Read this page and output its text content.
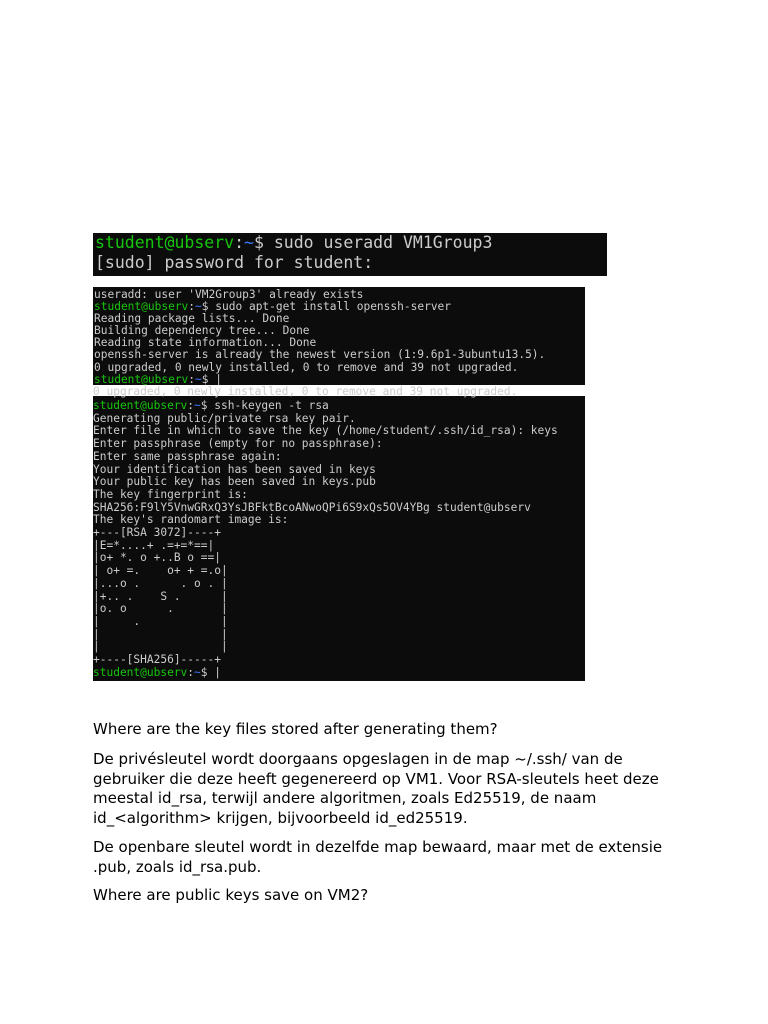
student@ubserv:~$ sudo useradd VM1Group3
[sudo] password for student:
useradd: user 'VM2Group3' already exists
student@ubserv:~$ sudo apt-get install openssh-server
Reading package lists... Done
Building dependency tree... Done
Reading state information... Done
openssh-server is already the newest version (1:9.6p1-3ubuntu13.5).
0 upgraded, 0 newly installed, 0 to remove and 39 not upgraded.
student@ubserv:~$ |
0 upgraded, 0 newly installed, 0 to remove and 39 not upgraded.
student@ubserv:~$ ssh-keygen -t rsa
Generating public/private rsa key pair.
Enter file in which to save the key (/home/student/.ssh/id_rsa): keys
Enter passphrase (empty for no passphrase):
Enter same passphrase again:
Your identification has been saved in keys
Your public key has been saved in keys.pub
The key fingerprint is:
SHA256:F9lY5VnwGRxQ3YsJBFktBcoANwoQPi6S9xQs5OV4YBg student@ubserv
The key's randomart image is:
+---[RSA 3072]----+
|E=*....+ .=+=*==|
|o+ *. o +..B o ==|
| o+ =.    o+ + =.o|
|...o .      . o . |
|+.. .    S .      |
|o. o      .       |
|     .            |
|                  |
|                  |
+----[SHA256]-----+
student@ubserv:~$ |

Where are the key files stored after generating them?

De privésleutel wordt doorgaans opgeslagen in de map ~/.ssh/ van de gebruiker die deze heeft gegenereerd op VM1. Voor RSA-sleutels heet deze meestal id_rsa, terwijl andere algoritmen, zoals Ed25519, de naam id_<algorithm> krijgen, bijvoorbeeld id_ed25519.

De openbare sleutel wordt in dezelfde map bewaard, maar met de extensie .pub, zoals id_rsa.pub.

Where are public keys save on VM2?
